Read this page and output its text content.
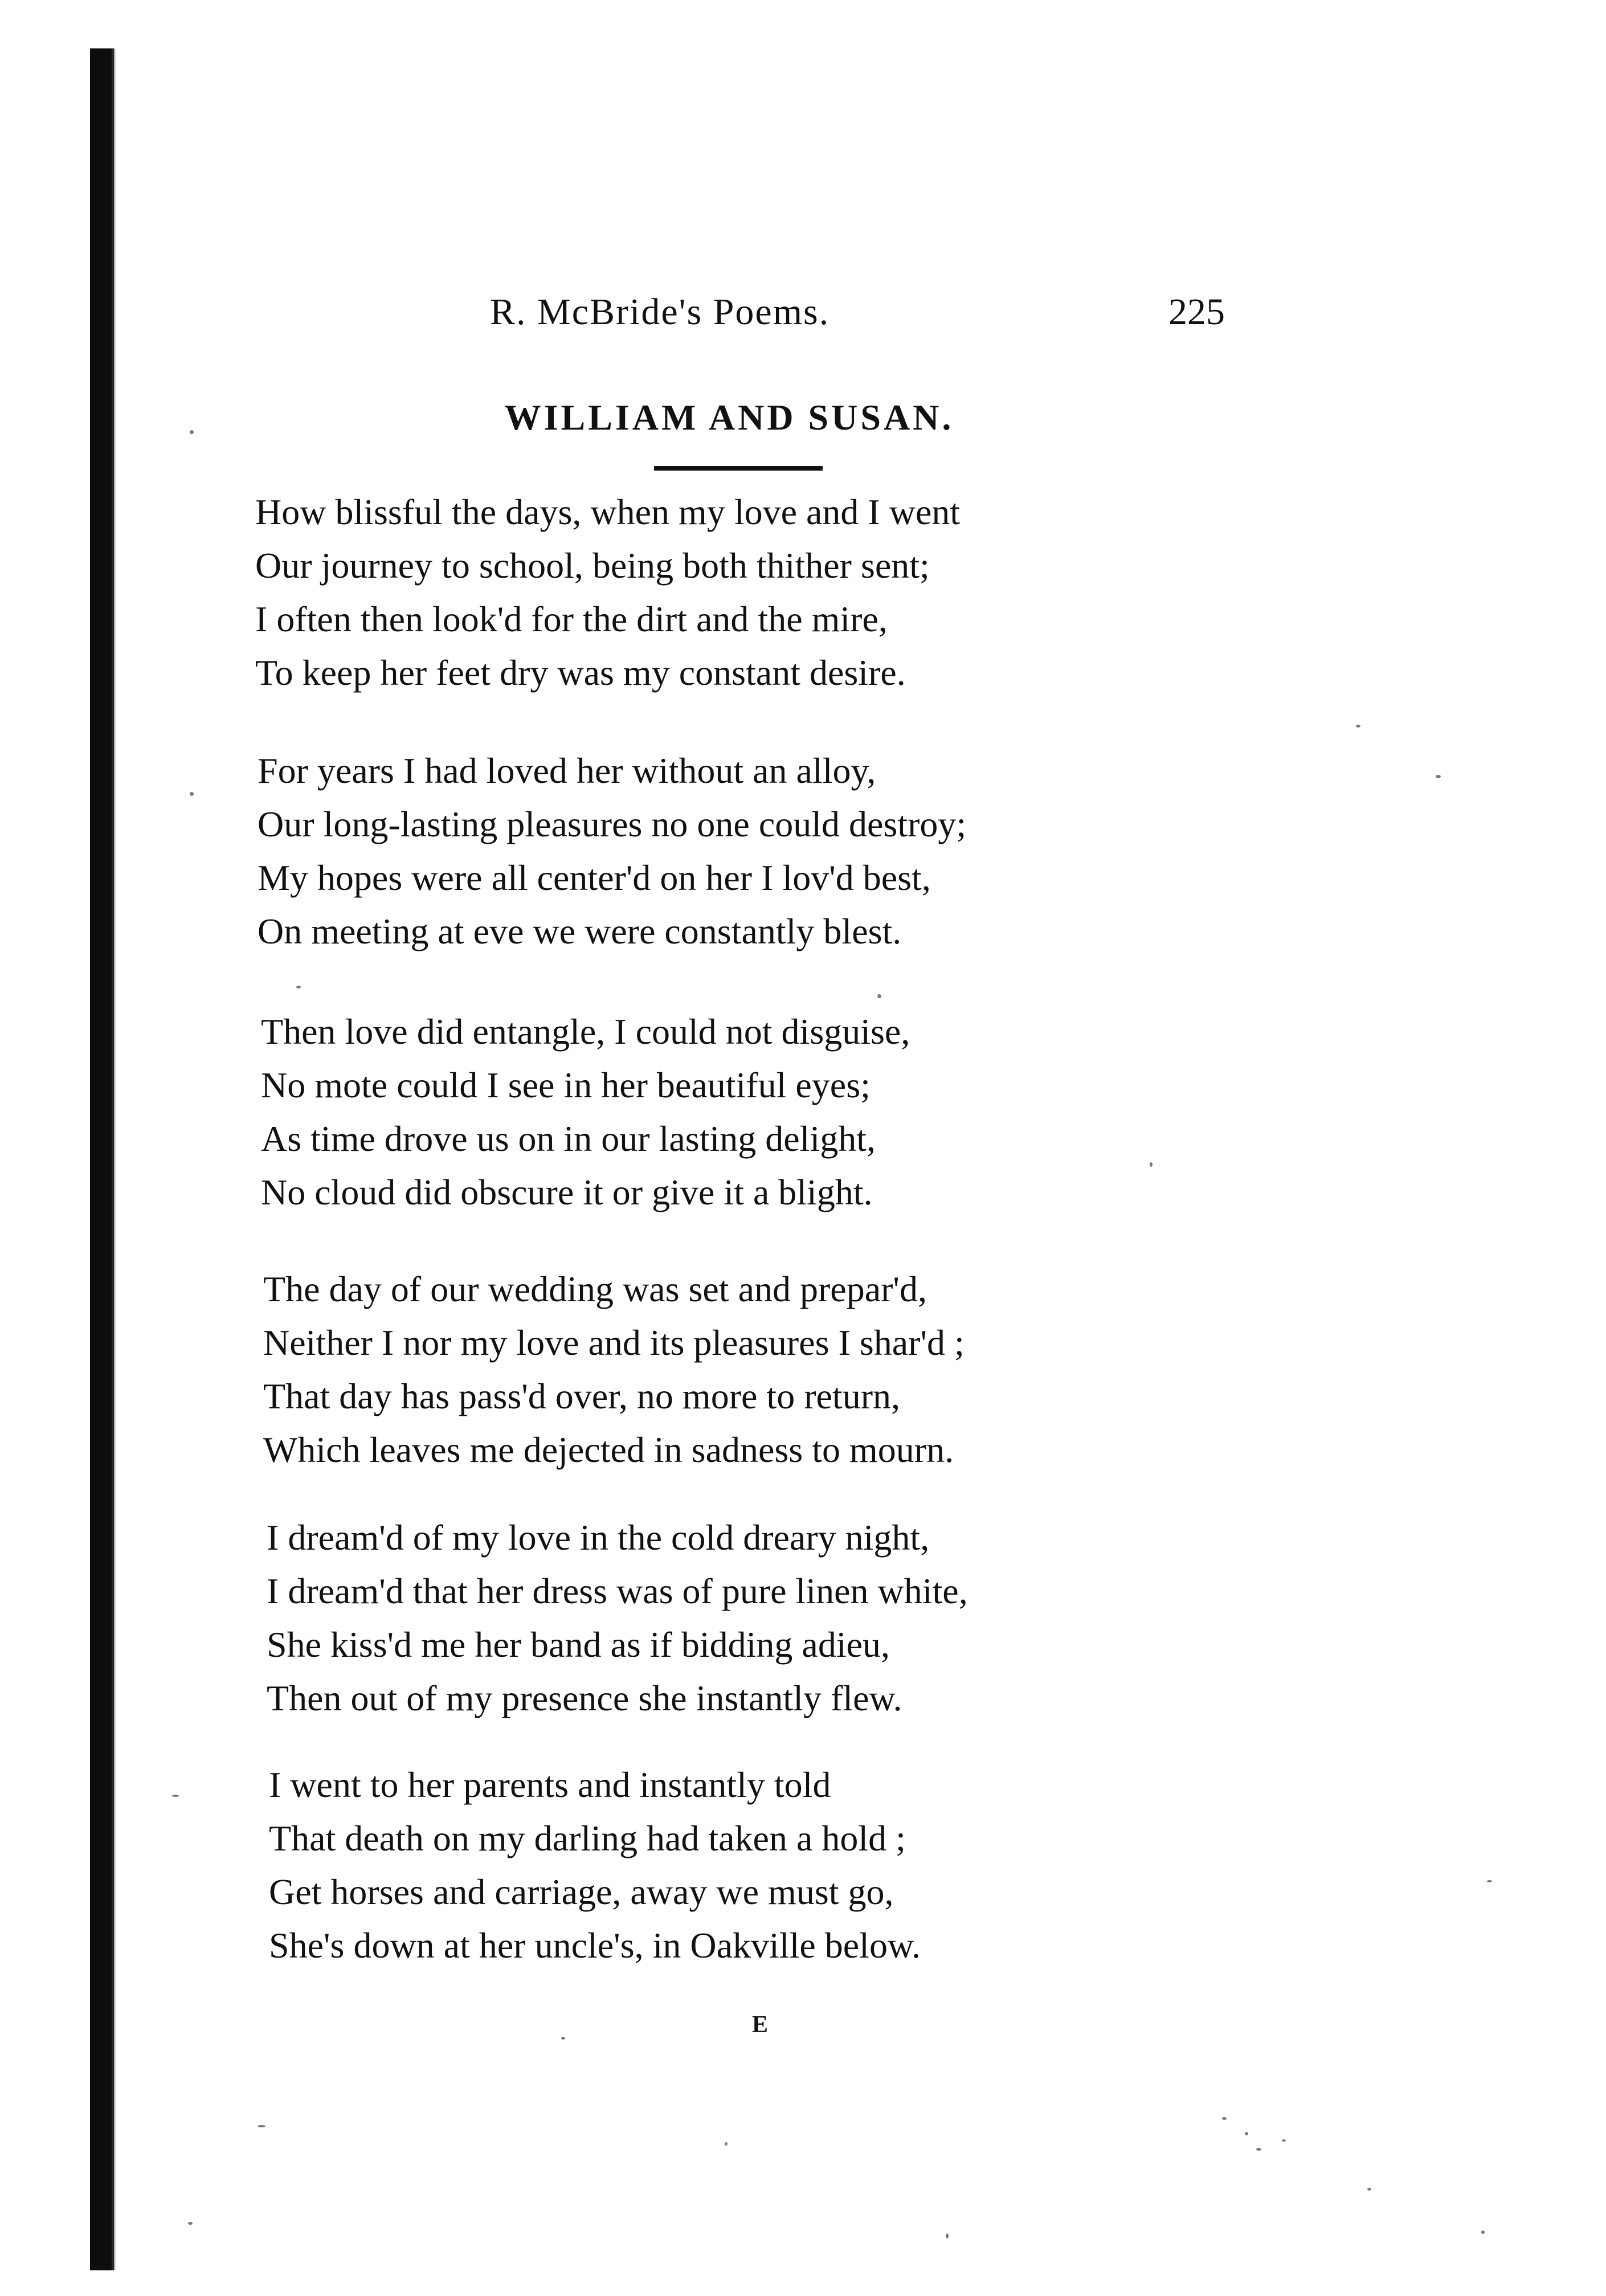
R. McBride's Poems.	225
WILLIAM AND SUSAN.
How blissful the days, when my love and I went
Our journey to school, being both thither sent;
I often then look'd for the dirt and the mire,
To keep her feet dry was my constant desire.
For years I had loved her without an alloy,
Our long-lasting pleasures no one could destroy;
My hopes were all center'd on her I lov'd best,
On meeting at eve we were constantly blest.
Then love did entangle, I could not disguise,
No mote could I see in her beautiful eyes;
As time drove us on in our lasting delight,
No cloud did obscure it or give it a blight.
The day of our wedding was set and prepar'd,
Neither I nor my love and its pleasures I shar'd ;
That day has pass'd over, no more to return,
Which leaves me dejected in sadness to mourn.
I dream'd of my love in the cold dreary night,
I dream'd that her dress was of pure linen white,
She kiss'd me her band as if bidding adieu,
Then out of my presence she instantly flew.
I went to her parents and instantly told
That death on my darling had taken a hold ;
Get horses and carriage, away we must go,
She's down at her uncle's, in Oakville below.
E
